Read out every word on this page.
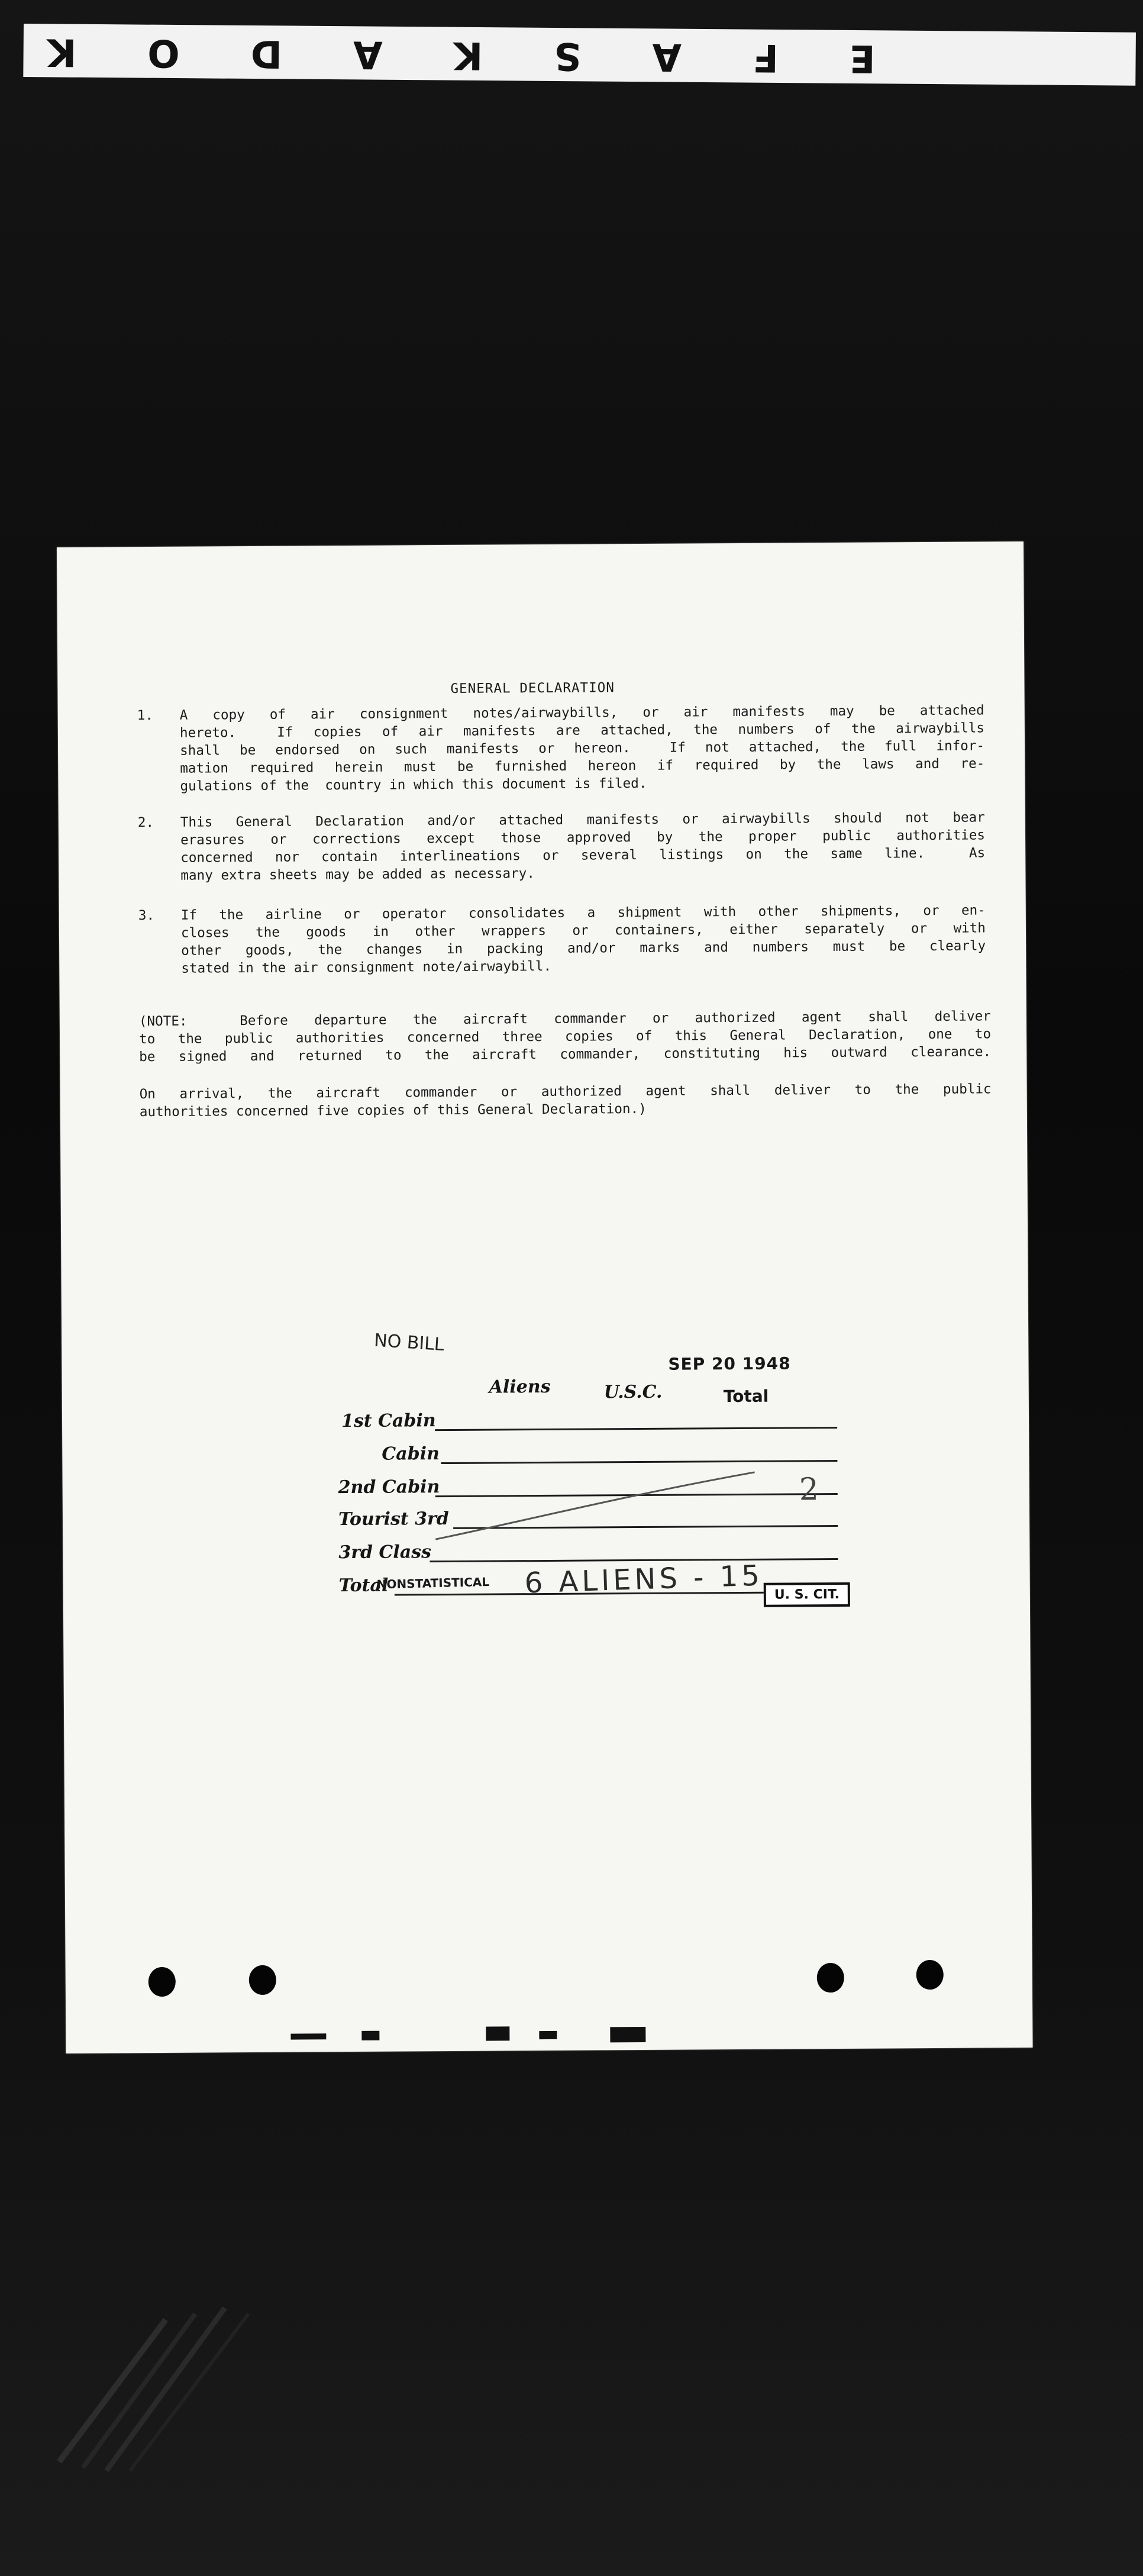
K O D A K S A F E
GENERAL DECLARATION
1. A copy of air consignment notes/airwaybills, or air manifests may be attached
hereto.  If copies of air manifests are attached, the numbers of the airwaybills
shall be endorsed on such manifests or hereon.  If not attached, the full infor-
mation required herein must be furnished hereon if required by the laws and re-
gulations of the  country in which this document is filed.
2. This General Declaration and/or attached manifests or airwaybills should not bear
erasures or corrections except those approved by the proper public authorities
concerned nor contain interlineations or several listings on the same line.  As
many extra sheets may be added as necessary.
3. If the airline or operator consolidates a shipment with other shipments, or en-
closes the goods in other wrappers or containers, either separately or with
other goods, the changes in packing and/or marks and numbers must be clearly
stated in the air consignment note/airwaybill.
(NOTE:  Before departure the aircraft commander or authorized agent shall deliver
to the public authorities concerned three copies of this General Declaration, one to
be signed and returned to the aircraft commander, constituting his outward clearance.
On arrival, the aircraft commander or authorized agent shall deliver to the public
authorities concerned five copies of this General Declaration.)
NO BILL
SEP 20 1948
Aliens	U.S.C.	Total
1st Cabin
Cabin
2nd Cabin
Tourist 3rd
3rd Class
Total
2
NONSTATISTICAL 6 ALIENS - 15 U. S. CIT.
